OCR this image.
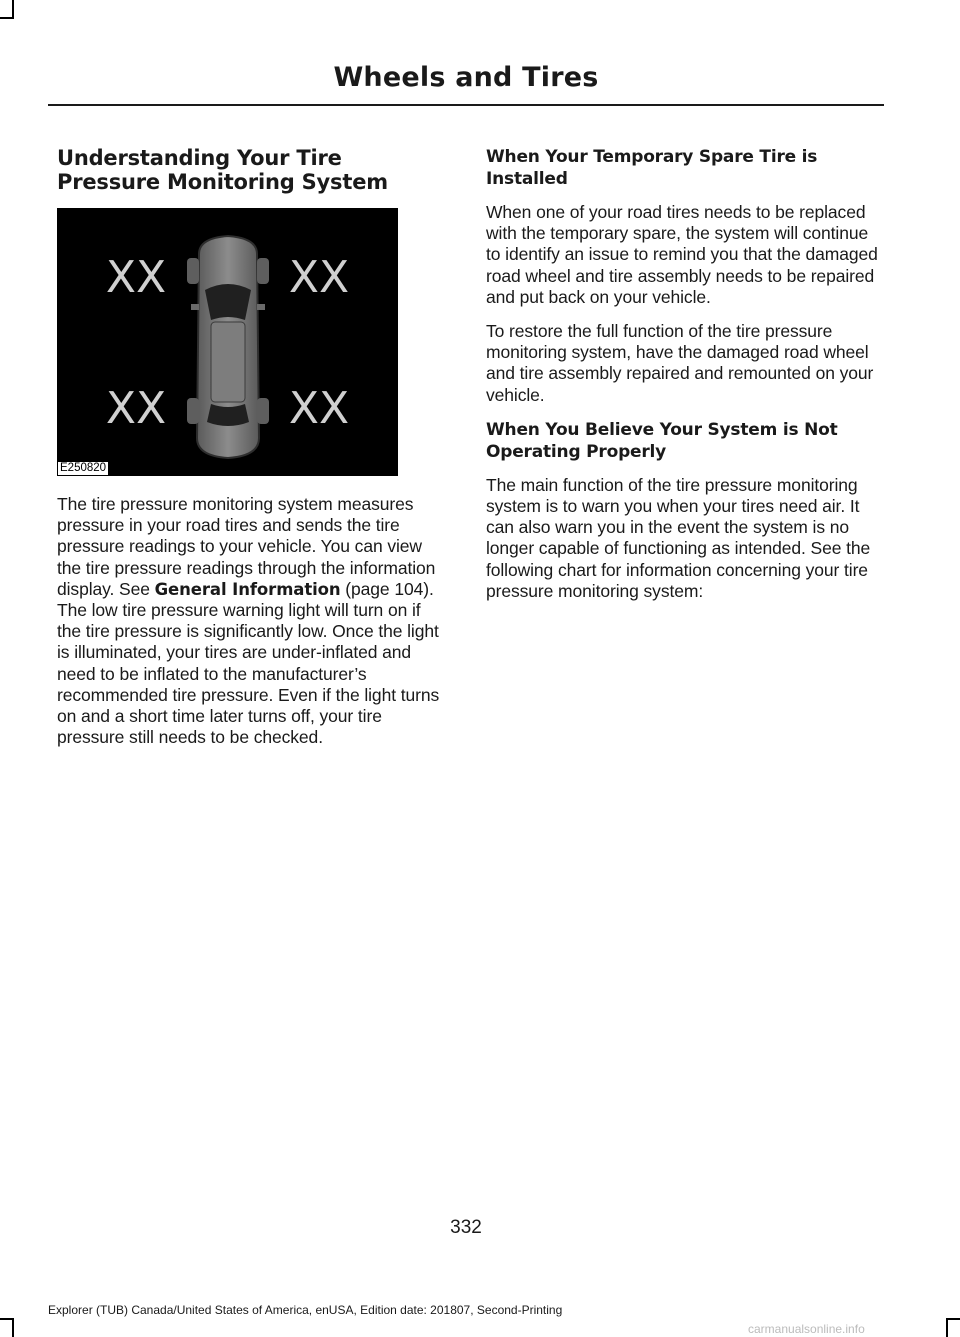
Wheels and Tires
Understanding Your Tire Pressure Monitoring System
XX	XX
XX	XX
E250820

The tire pressure monitoring system measures pressure in your road tires and sends the tire pressure readings to your vehicle. You can view the tire pressure readings through the information display. See General Information (page 104). The low tire pressure warning light will turn on if the tire pressure is significantly low. Once the light is illuminated, your tires are under-inflated and need to be inflated to the manufacturer’s recommended tire pressure. Even if the light turns on and a short time later turns off, your tire pressure still needs to be checked.

When Your Temporary Spare Tire is Installed

When one of your road tires needs to be replaced with the temporary spare, the system will continue to identify an issue to remind you that the damaged road wheel and tire assembly needs to be repaired and put back on your vehicle.

To restore the full function of the tire pressure monitoring system, have the damaged road wheel and tire assembly repaired and remounted on your vehicle.

When You Believe Your System is Not Operating Properly

The main function of the tire pressure monitoring system is to warn you when your tires need air. It can also warn you in the event the system is no longer capable of functioning as intended. See the following chart for information concerning your tire pressure monitoring system:

332
Explorer (TUB) Canada/United States of America, enUSA, Edition date: 201807, Second-Printing
carmanualsonline.info
